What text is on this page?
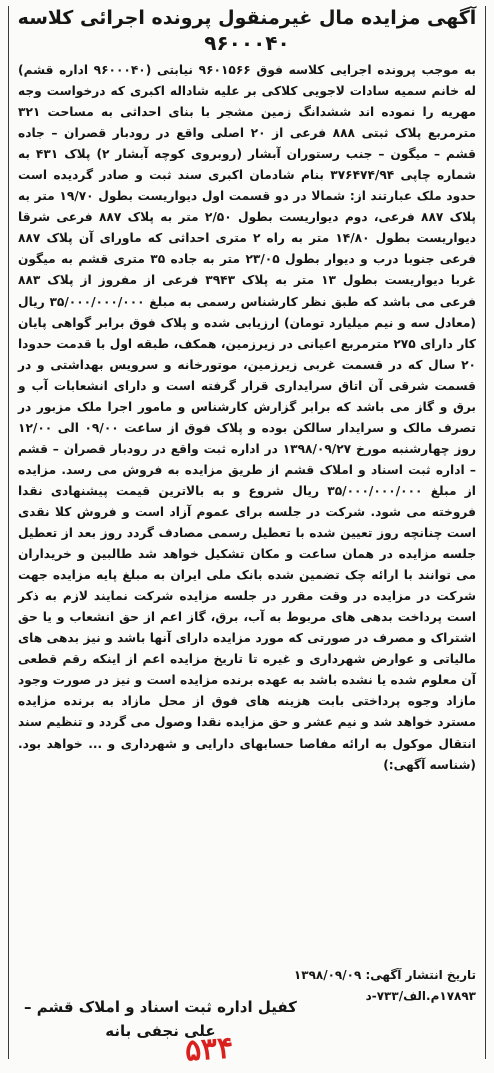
آگهی مزایده مال غیرمنقول پرونده اجرائی کلاسه
۹۶۰۰۰۴۰

به موجب پرونده اجرایی کلاسه فوق ۹۶۰۱۵۶۶ نیابتی (۹۶۰۰۰۴۰ اداره قشم) له خانم سمیه سادات لاجویی کلاکی بر علیه شاداله اکبری که درخواست وجه مهریه را نموده اند ششدانگ زمین مشجر با بنای احداثی به مساحت ۳۲۱ مترمربع پلاک ثبتی ۸۸۸ فرعی از ۲۰ اصلی واقع در رودبار قصران – جاده قشم – میگون – جنب رستوران آبشار (روبروی کوچه آبشار ۲) پلاک ۴۳۱ به شماره چاپی ۳۷۶۴۷۴/۹۴ بنام شادمان اکبری سند ثبت و صادر گردیده است حدود ملک عبارتند از: شمالا در دو قسمت اول دیواریست بطول ۱۹/۷۰ متر به پلاک ۸۸۷ فرعی، دوم دیواریست بطول ۲/۵۰ متر به پلاک ۸۸۷ فرعی شرقا دیواریست بطول ۱۴/۸۰ متر به راه ۲ متری احداثی که ماورای آن پلاک ۸۸۷ فرعی جنوبا درب و دیوار بطول ۲۳/۰۵ متر به جاده ۳۵ متری قشم به میگون غربا دیواریست بطول ۱۳ متر به پلاک ۳۹۴۳ فرعی از مفروز از پلاک ۸۸۳ فرعی می باشد که طبق نظر کارشناس رسمی به مبلغ ۳۵/۰۰۰/۰۰۰/۰۰۰ ریال (معادل سه و نیم میلیارد تومان) ارزیابی شده و پلاک فوق برابر گواهی پایان کار دارای ۲۷۵ مترمربع اعیانی در زیرزمین، همکف، طبقه اول با قدمت حدودا ۲۰ سال که در قسمت غربی زیرزمین، موتورخانه و سرویس بهداشتی و در قسمت شرقی آن اتاق سرایداری قرار گرفته است و دارای انشعابات آب و برق و گاز می باشد که برابر گزارش کارشناس و مامور اجرا ملک مزبور در تصرف مالک و سرایدار سالکن بوده و پلاک فوق از ساعت ۰۹/۰۰ الی ۱۲/۰۰ روز چهارشنبه مورخ ۱۳۹۸/۰۹/۲۷ در اداره ثبت واقع در رودبار قصران – قشم – اداره ثبت اسناد و املاک قشم از طریق مزایده به فروش می رسد. مزایده از مبلغ ۳۵/۰۰۰/۰۰۰/۰۰۰ ریال شروع و به بالاترین قیمت پیشنهادی نقدا فروخته می شود. شرکت در جلسه برای عموم آزاد است و فروش کلا نقدی است چنانچه روز تعیین شده با تعطیل رسمی مصادف گردد روز بعد از تعطیل جلسه مزایده در همان ساعت و مکان تشکیل خواهد شد طالبین و خریداران می توانند با ارائه چک تضمین شده بانک ملی ایران به مبلغ پایه مزایده جهت شرکت در مزایده در وقت مقرر در جلسه مزایده شرکت نمایند لازم به ذکر است پرداخت بدهی های مربوط به آب، برق، گاز اعم از حق انشعاب و یا حق اشتراک و مصرف در صورتی که مورد مزایده دارای آنها باشد و نیز بدهی های مالیاتی و عوارض شهرداری و غیره تا تاریخ مزایده اعم از اینکه رقم قطعی آن معلوم شده یا نشده باشد به عهده برنده مزایده است و نیز در صورت وجود مازاد وجوه پرداختی بابت هزینه های فوق از محل مازاد به برنده مزایده مسترد خواهد شد و نیم عشر و حق مزایده نقدا وصول می گردد و تنظیم سند انتقال موکول به ارائه مفاصا حسابهای دارایی و شهرداری و ... خواهد بود. (شناسه آگهی:)

تاریخ انتشار آگهی: ۱۳۹۸/۰۹/۰۹
۱۷۸۹۳م.الف/۷۳۳-د
کفیل اداره ثبت اسناد و املاک قشم –
علی نجفی بانه
۵۳۴
